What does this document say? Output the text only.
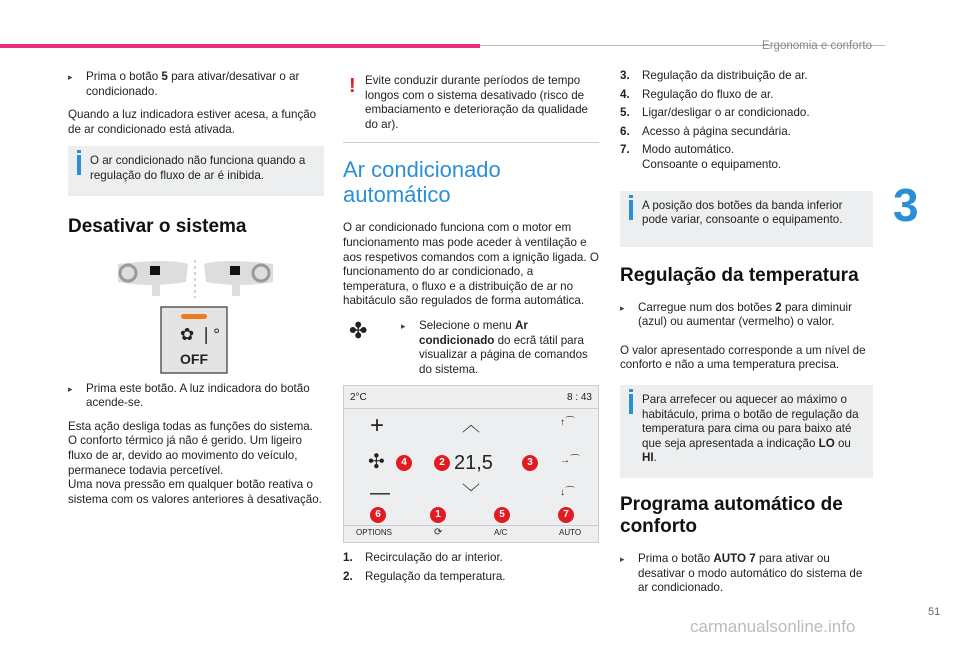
Ergonomia e conforto
3
51
carmanualsonline.info

▸ Prima o botão 5 para ativar/desativar o ar condicionado.

Quando a luz indicadora estiver acesa, a função de ar condicionado está ativada.

O ar condicionado não funciona quando a regulação do fluxo de ar é inibida.
Desativar o sistema
✿ ❘°
OFF

▸ Prima este botão. A luz indicadora do botão acende-se.

Esta ação desliga todas as funções do sistema. O conforto térmico já não é gerido. Um ligeiro fluxo de ar, devido ao movimento do veículo, permanece todavia percetível.

Uma nova pressão em qualquer botão reativa o sistema com os valores anteriores à desativação.

! Evite conduzir durante períodos de tempo longos com o sistema desativado (risco de embaciamento e deterioração da qualidade do ar).
Ar condicionado automático

O ar condicionado funciona com o motor em funcionamento mas pode aceder à ventilação e aos respetivos comandos com a ignição ligada. O funcionamento do ar condicionado, a temperatura, o fluxo e a distribuição de ar no habitáculo são regulados de forma automática.

✤	▸ Selecione o menu Ar condicionado do ecrã tátil para visualizar a página de comandos do sistema.

2°C	8 : 43
+
✣
—
︿
21,5
﹀
↑⌒
→⌒
↓⌒
OPTIONS	⟳	A/C	AUTO
1
2	3
4
5
6	7
1.	Recirculação do ar interior.
2.	Regulação da temperatura.
3.	Regulação da distribuição de ar.
4.	Regulação do fluxo de ar.
5.	Ligar/desligar o ar condicionado.
6.	Acesso à página secundária.
7.	Modo automático.
Consoante o equipamento.
A posição dos botões da banda inferior pode variar, consoante o equipamento.
Regulação da temperatura

▸ Carregue num dos botões 2 para diminuir (azul) ou aumentar (vermelho) o valor.

O valor apresentado corresponde a um nível de conforto e não a uma temperatura precisa.

Para arrefecer ou aquecer ao máximo o habitáculo, prima o botão de regulação da temperatura para cima ou para baixo até que seja apresentada a indicação LO ou HI.
Programa automático de conforto

▸ Prima o botão AUTO 7 para ativar ou desativar o modo automático do sistema de ar condicionado.
